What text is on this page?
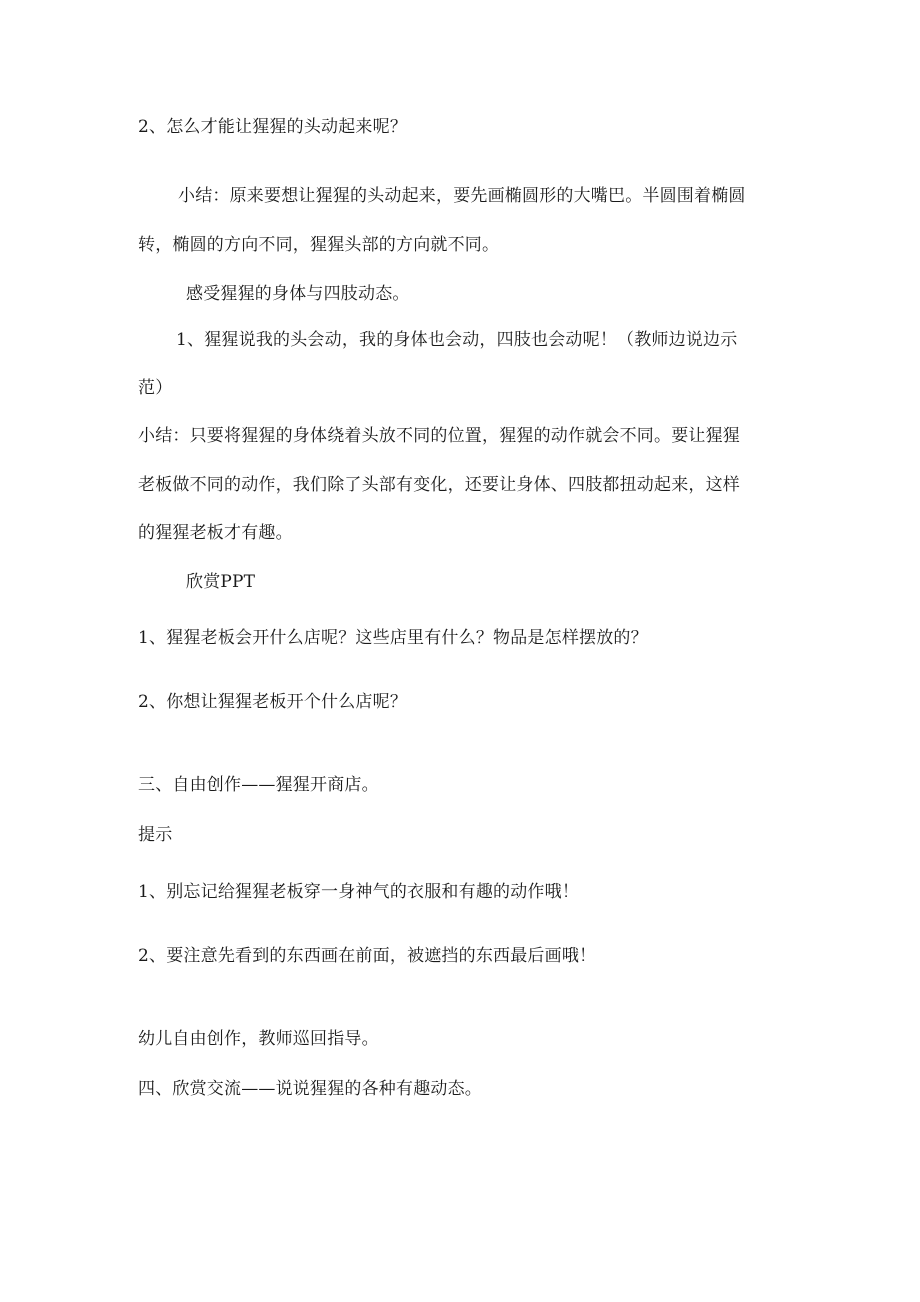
2、怎么才能让猩猩的头动起来呢？
小结：原来要想让猩猩的头动起来，要先画椭圆形的大嘴巴。半圆围着椭圆
转，椭圆的方向不同，猩猩头部的方向就不同。
感受猩猩的身体与四肢动态。
1、猩猩说我的头会动，我的身体也会动，四肢也会动呢！（教师边说边示
范）
小结：只要将猩猩的身体绕着头放不同的位置，猩猩的动作就会不同。要让猩猩
老板做不同的动作，我们除了头部有变化，还要让身体、四肢都扭动起来，这样
的猩猩老板才有趣。
欣赏PPT
1、猩猩老板会开什么店呢？这些店里有什么？物品是怎样摆放的？
2、你想让猩猩老板开个什么店呢？
三、自由创作——猩猩开商店。
提示
1、别忘记给猩猩老板穿一身神气的衣服和有趣的动作哦！
2、要注意先看到的东西画在前面，被遮挡的东西最后画哦！
幼儿自由创作，教师巡回指导。
四、欣赏交流——说说猩猩的各种有趣动态。
